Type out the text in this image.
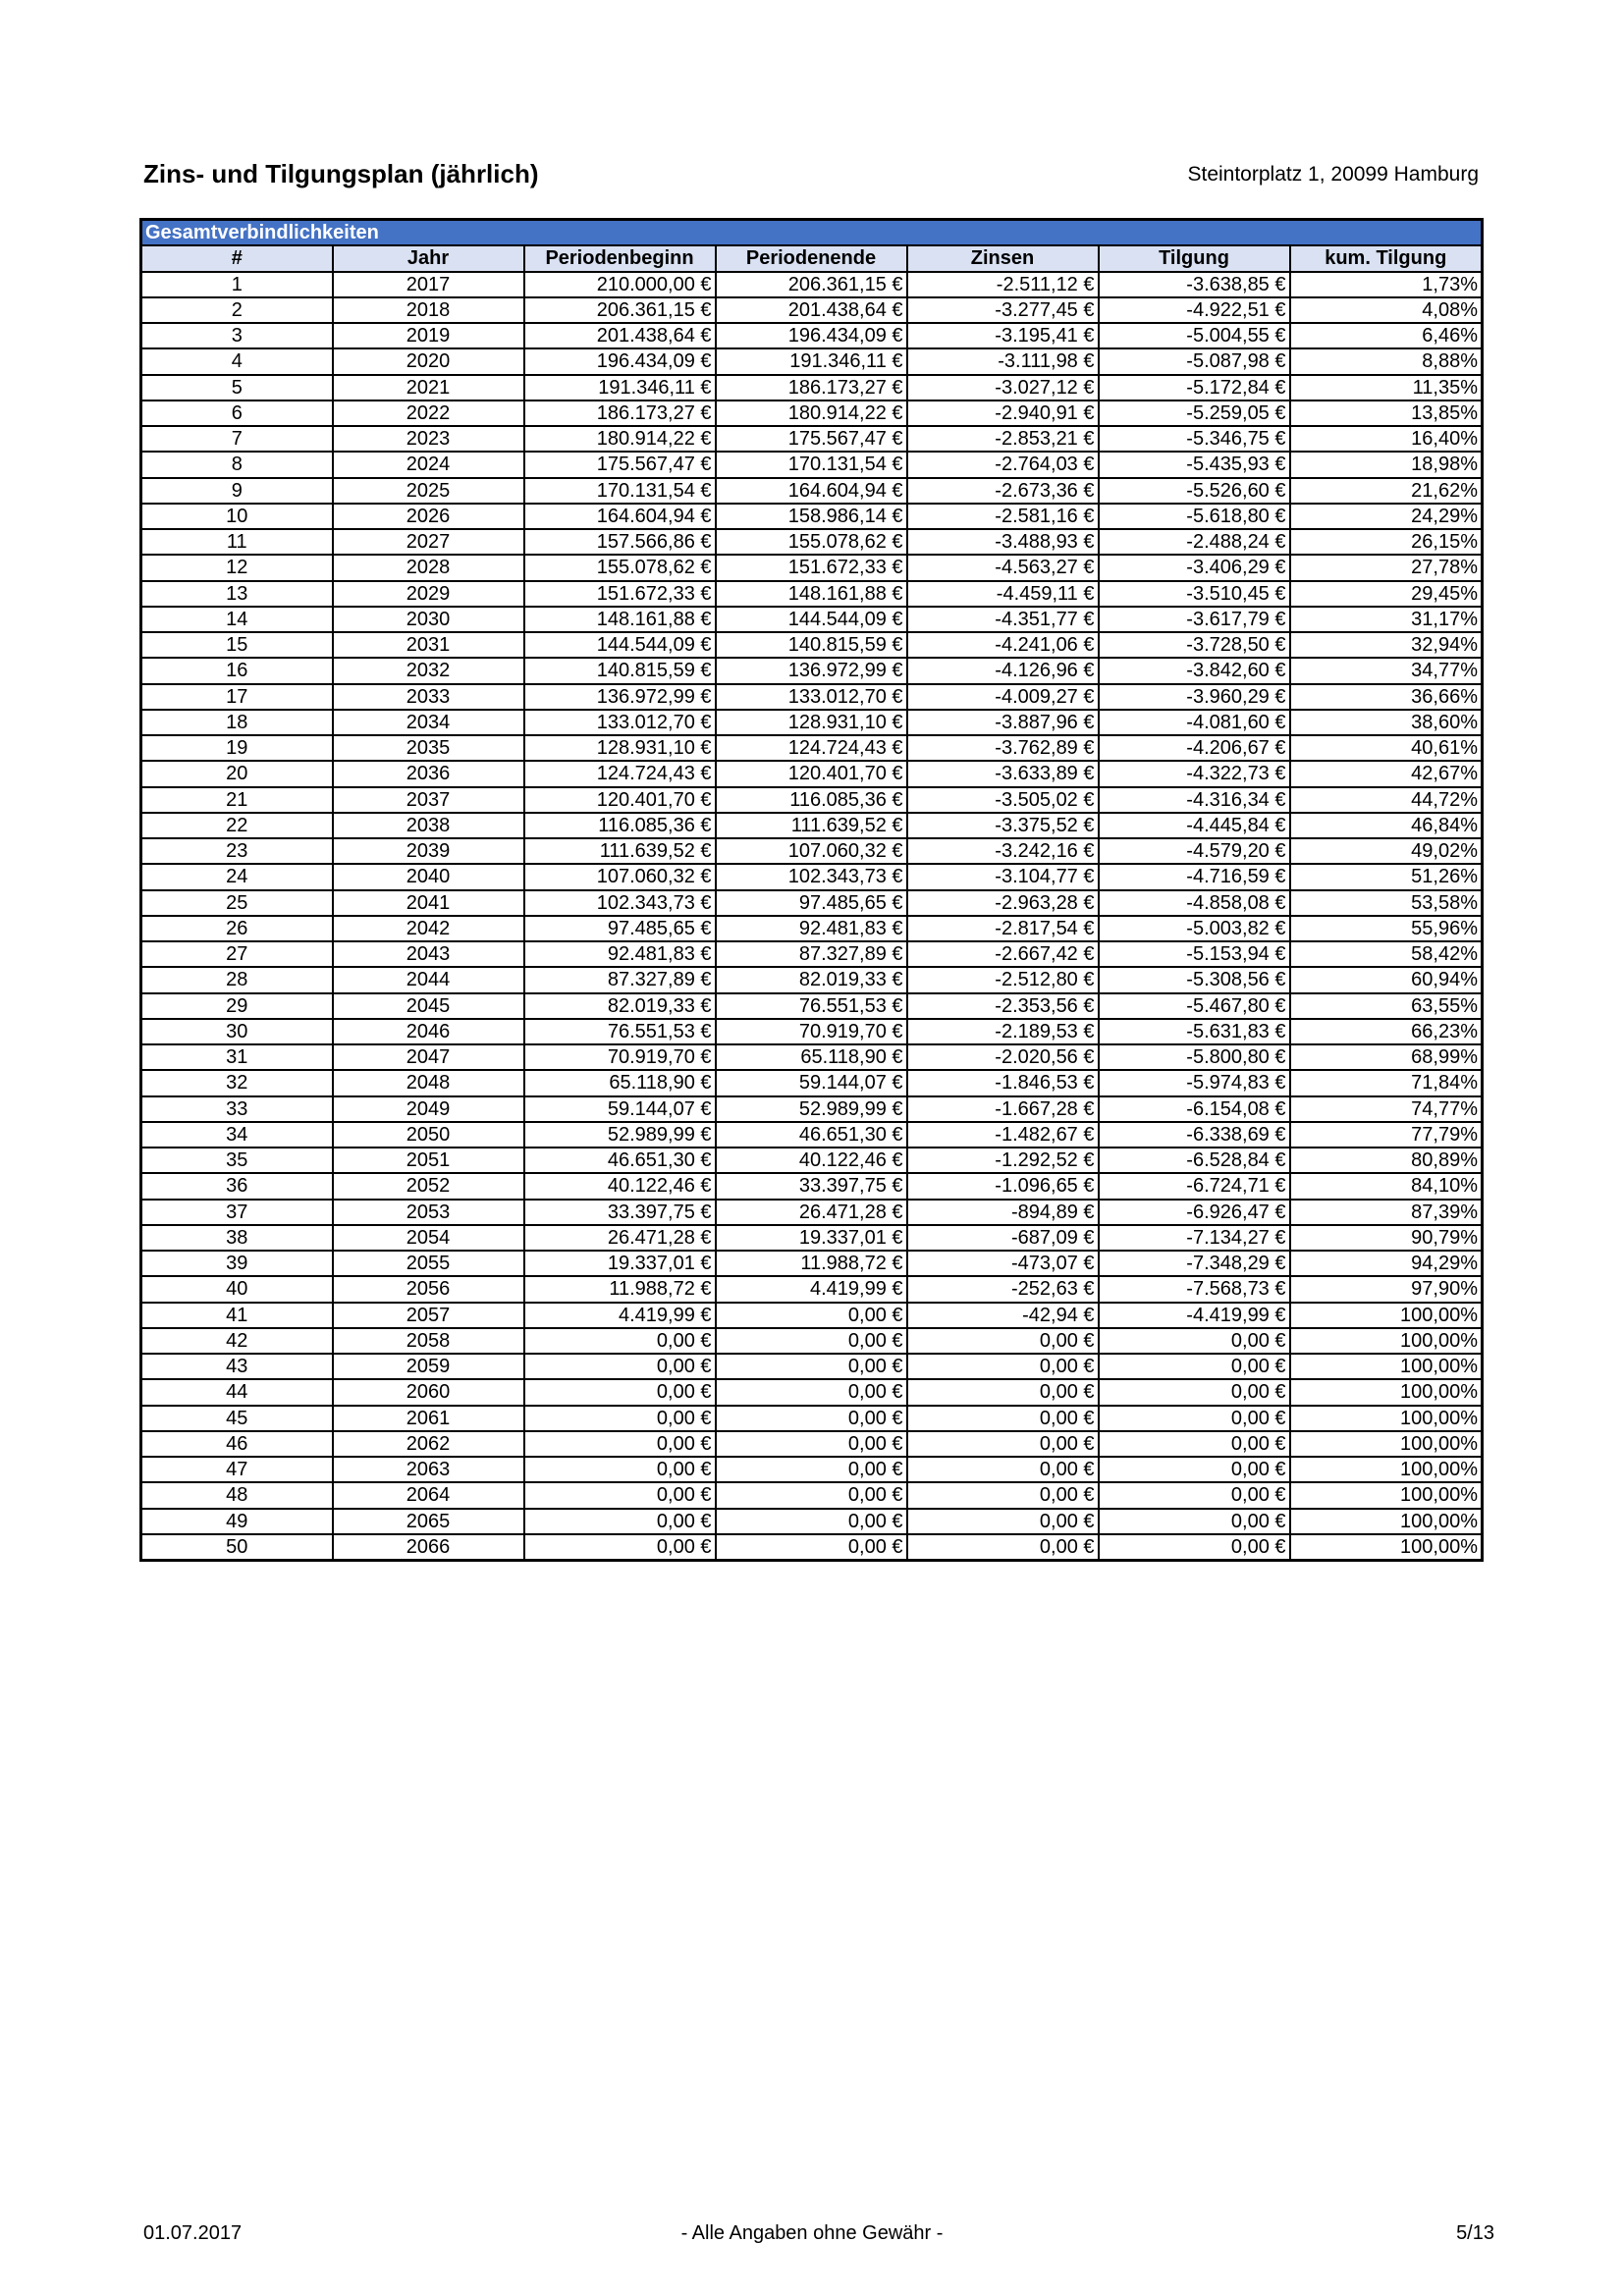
Zins- und Tilgungsplan (jährlich)	Steintorplatz 1, 20099 Hamburg
Gesamtverbindlichkeiten						
#	Jahr	Periodenbeginn	Periodenende	Zinsen	Tilgung	kum. Tilgung
1	2017	210.000,00 €	206.361,15 €	-2.511,12 €	-3.638,85 €	1,73%
2	2018	206.361,15 €	201.438,64 €	-3.277,45 €	-4.922,51 €	4,08%
3	2019	201.438,64 €	196.434,09 €	-3.195,41 €	-5.004,55 €	6,46%
4	2020	196.434,09 €	191.346,11 €	-3.111,98 €	-5.087,98 €	8,88%
5	2021	191.346,11 €	186.173,27 €	-3.027,12 €	-5.172,84 €	11,35%
6	2022	186.173,27 €	180.914,22 €	-2.940,91 €	-5.259,05 €	13,85%
7	2023	180.914,22 €	175.567,47 €	-2.853,21 €	-5.346,75 €	16,40%
8	2024	175.567,47 €	170.131,54 €	-2.764,03 €	-5.435,93 €	18,98%
9	2025	170.131,54 €	164.604,94 €	-2.673,36 €	-5.526,60 €	21,62%
10	2026	164.604,94 €	158.986,14 €	-2.581,16 €	-5.618,80 €	24,29%
11	2027	157.566,86 €	155.078,62 €	-3.488,93 €	-2.488,24 €	26,15%
12	2028	155.078,62 €	151.672,33 €	-4.563,27 €	-3.406,29 €	27,78%
13	2029	151.672,33 €	148.161,88 €	-4.459,11 €	-3.510,45 €	29,45%
14	2030	148.161,88 €	144.544,09 €	-4.351,77 €	-3.617,79 €	31,17%
15	2031	144.544,09 €	140.815,59 €	-4.241,06 €	-3.728,50 €	32,94%
16	2032	140.815,59 €	136.972,99 €	-4.126,96 €	-3.842,60 €	34,77%
17	2033	136.972,99 €	133.012,70 €	-4.009,27 €	-3.960,29 €	36,66%
18	2034	133.012,70 €	128.931,10 €	-3.887,96 €	-4.081,60 €	38,60%
19	2035	128.931,10 €	124.724,43 €	-3.762,89 €	-4.206,67 €	40,61%
20	2036	124.724,43 €	120.401,70 €	-3.633,89 €	-4.322,73 €	42,67%
21	2037	120.401,70 €	116.085,36 €	-3.505,02 €	-4.316,34 €	44,72%
22	2038	116.085,36 €	111.639,52 €	-3.375,52 €	-4.445,84 €	46,84%
23	2039	111.639,52 €	107.060,32 €	-3.242,16 €	-4.579,20 €	49,02%
24	2040	107.060,32 €	102.343,73 €	-3.104,77 €	-4.716,59 €	51,26%
25	2041	102.343,73 €	97.485,65 €	-2.963,28 €	-4.858,08 €	53,58%
26	2042	97.485,65 €	92.481,83 €	-2.817,54 €	-5.003,82 €	55,96%
27	2043	92.481,83 €	87.327,89 €	-2.667,42 €	-5.153,94 €	58,42%
28	2044	87.327,89 €	82.019,33 €	-2.512,80 €	-5.308,56 €	60,94%
29	2045	82.019,33 €	76.551,53 €	-2.353,56 €	-5.467,80 €	63,55%
30	2046	76.551,53 €	70.919,70 €	-2.189,53 €	-5.631,83 €	66,23%
31	2047	70.919,70 €	65.118,90 €	-2.020,56 €	-5.800,80 €	68,99%
32	2048	65.118,90 €	59.144,07 €	-1.846,53 €	-5.974,83 €	71,84%
33	2049	59.144,07 €	52.989,99 €	-1.667,28 €	-6.154,08 €	74,77%
34	2050	52.989,99 €	46.651,30 €	-1.482,67 €	-6.338,69 €	77,79%
35	2051	46.651,30 €	40.122,46 €	-1.292,52 €	-6.528,84 €	80,89%
36	2052	40.122,46 €	33.397,75 €	-1.096,65 €	-6.724,71 €	84,10%
37	2053	33.397,75 €	26.471,28 €	-894,89 €	-6.926,47 €	87,39%
38	2054	26.471,28 €	19.337,01 €	-687,09 €	-7.134,27 €	90,79%
39	2055	19.337,01 €	11.988,72 €	-473,07 €	-7.348,29 €	94,29%
40	2056	11.988,72 €	4.419,99 €	-252,63 €	-7.568,73 €	97,90%
41	2057	4.419,99 €	0,00 €	-42,94 €	-4.419,99 €	100,00%
42	2058	0,00 €	0,00 €	0,00 €	0,00 €	100,00%
43	2059	0,00 €	0,00 €	0,00 €	0,00 €	100,00%
44	2060	0,00 €	0,00 €	0,00 €	0,00 €	100,00%
45	2061	0,00 €	0,00 €	0,00 €	0,00 €	100,00%
46	2062	0,00 €	0,00 €	0,00 €	0,00 €	100,00%
47	2063	0,00 €	0,00 €	0,00 €	0,00 €	100,00%
48	2064	0,00 €	0,00 €	0,00 €	0,00 €	100,00%
49	2065	0,00 €	0,00 €	0,00 €	0,00 €	100,00%
50	2066	0,00 €	0,00 €	0,00 €	0,00 €	100,00%
- Alle Angaben ohne Gewähr -
01.07.2017	5/13
